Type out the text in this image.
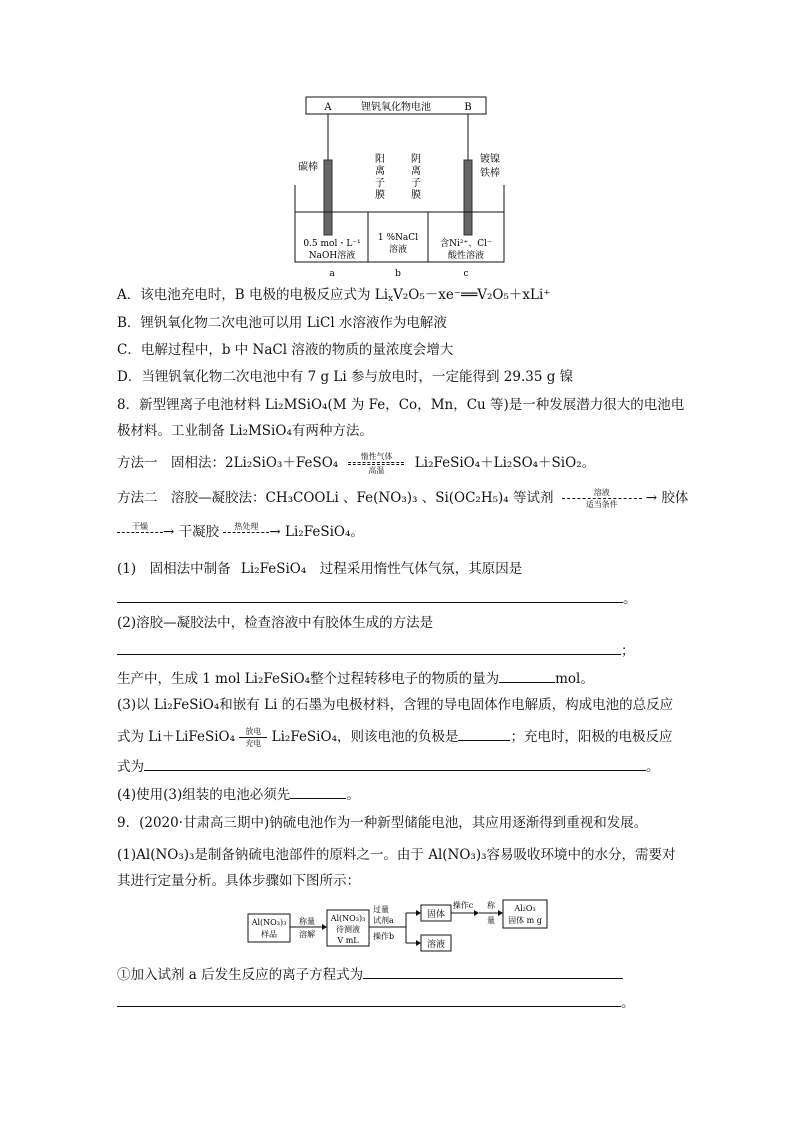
A	锂钒氧化物电池	B
碳棒
镀镍
铁棒
阳
离
子
膜
阴
离
子
膜
0.5 mol・L⁻¹
NaOH溶液
1 %NaCl
溶液
含Ni²⁺、Cl⁻
酸性溶液
a	b	c
A．该电池充电时，B 电极的电极反应式为 $Li_xV_2O_5-xe^-══V_2O_5+xLi^+$
B．锂钒氧化物二次电池可以用 LiCl 水溶液作为电解液
C．电解过程中，b 中 NaCl 溶液的物质的量浓度会增大
D．当锂钒氧化物二次电池中有 7 g Li 参与放电时，一定能得到 29.35 g 镍
8．新型锂离子电池材料 Li₂MSiO₄(M 为 Fe，Co，Mn，Cu 等)是一种发展潜力很大的电池电
极材料。工业制备 Li₂MSiO₄有两种方法。
方法一　固相法：2Li₂SiO₃＋FeSO₄	惰性气体
高温	Li₂FeSiO₄＋Li₂SO₄＋SiO₂。
方法二　溶胶—凝胶法：CH₃COOLi 、Fe(NO₃)₃ 、Si(OC₂H₅)₄ 等试剂	溶液
适当条件	→ 胶体
干燥
	→ 干凝胶	热处理
→ Li₂FeSiO₄。
(1)　固相法中制备 Li₂FeSiO₄　过程采用惰性气体气氛，其原因是
。
(2)溶胶—凝胶法中，检查溶液中有胶体生成的方法是
；
生产中，生成 1 mol Li₂FeSiO₄整个过程转移电子的物质的量为	mol。
(3)以 Li₂FeSiO₄和嵌有 Li 的石墨为电极材料，含锂的导电固体作电解质，构成电池的总反应
式为 Li＋LiFeSiO₄	放电
充电 Li₂FeSiO₄，则该电池的负极是	；充电时，阳极的电极反应
式为	。
(4)使用(3)组装的电池必须先	。
9．(2020·甘肃高三期中)钠硫电池作为一种新型储能电池，其应用逐渐得到重视和发展。
(1)Al(NO₃)₃是制备钠硫电池部件的原料之一。由于 Al(NO₃)₃容易吸收环境中的水分，需要对
其进行定量分析。具体步骤如下图所示：
Al(NO₃)₃
样品
称量
溶解
Al(NO₃)₃
待测液
V mL
过量
试剂a
操作b
固体
溶液
操作c 称
量
Al₂O₃
固体 m g
①加入试剂 a 后发生反应的离子方程式为
。
